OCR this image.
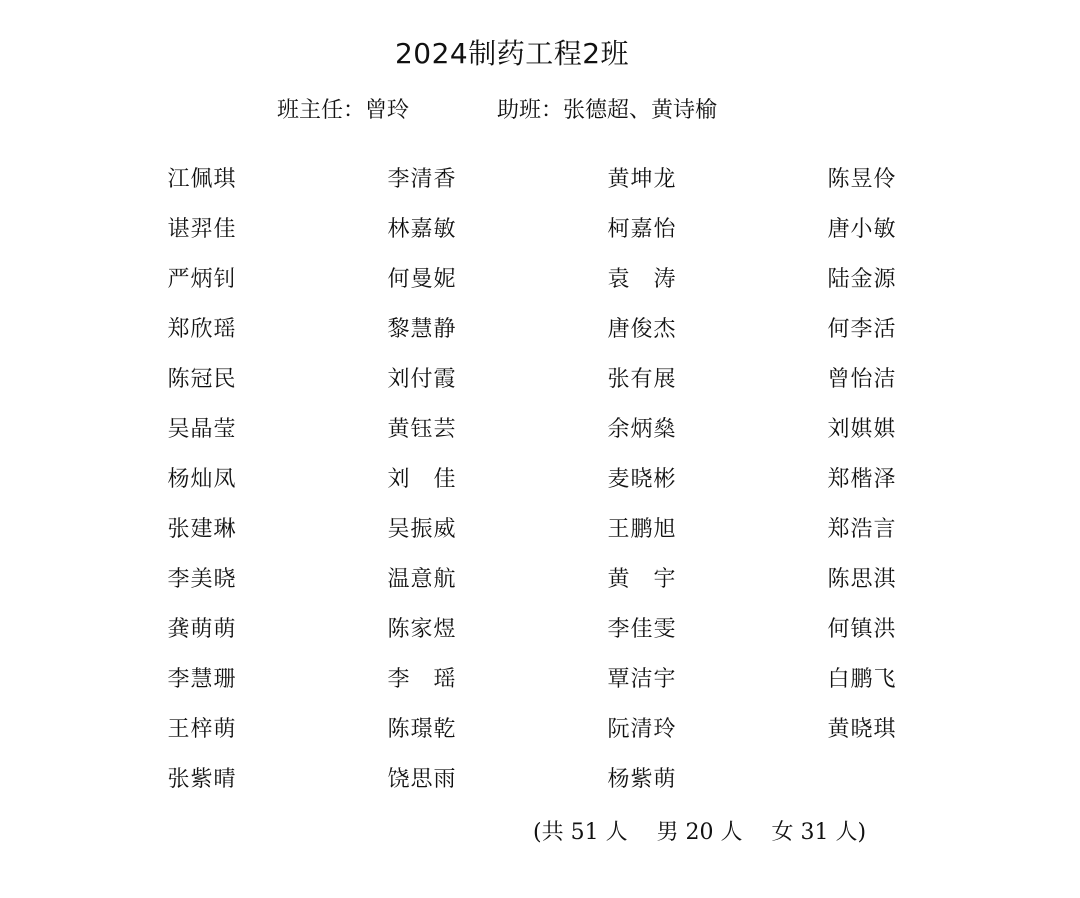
2024制药工程2班
班主任：曾玲	助班：张德超、黄诗榆
江佩琪	李清香	黄坤龙	陈昱伶
谌羿佳	林嘉敏	柯嘉怡	唐小敏
严炳钊	何曼妮	袁　涛	陆金源
郑欣瑶	黎慧静	唐俊杰	何李活
陈冠民	刘付霞	张有展	曾怡洁
吴晶莹	黄钰芸	余炳燊	刘娸娸
杨灿凤	刘　佳	麦晓彬	郑楷泽
张建琳	吴振威	王鹏旭	郑浩言
李美晓	温意航	黄　宇	陈思淇
龚萌萌	陈家煜	李佳雯	何镇洪
李慧珊	李　瑶	覃洁宇	白鹏飞
王梓萌	陈璟乾	阮清玲	黄晓琪
张紫晴	饶思雨	杨紫萌
(共 51 人　 男 20 人　 女 31 人)
